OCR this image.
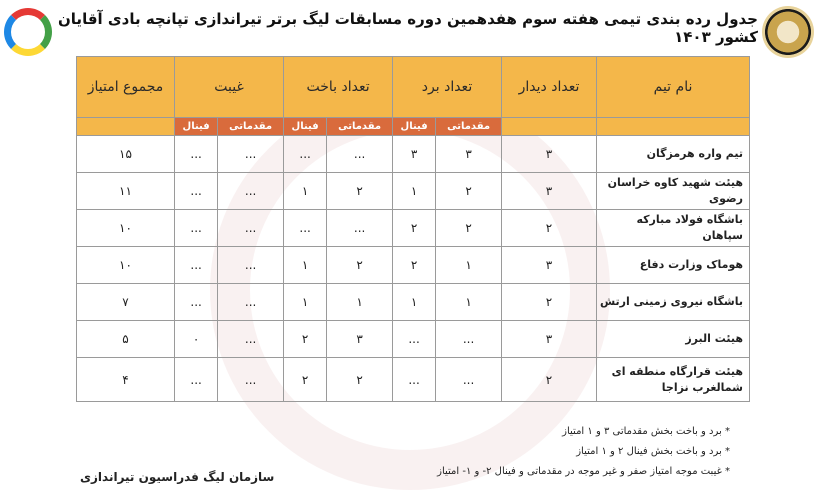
جدول رده بندی تیمی هفته سوم هفدهمین دوره مسابقات لیگ برتر تیراندازی تپانچه بادی آقایان کشور ۱۴۰۳
نام تیم	تعداد دیدار	تعداد برد		تعداد باخت		غیبت		مجموع امتیاز
		مقدماتی	فینال	مقدماتی	فینال	مقدماتی	فینال	
تیم واره هرمزگان	۳	۳	۳	...	...	...	...	۱۵
هیئت شهید کاوه خراسان رضوی	۳	۲	۱	۲	۱	...	...	۱۱
باشگاه فولاد مبارکه سپاهان	۲	۲	۲	...	...	...	...	۱۰
هوماک وزارت دفاع	۳	۱	۲	۲	۱	...	...	۱۰
باشگاه نیروی زمینی ارتش	۲	۱	۱	۱	۱	...	...	۷
هیئت البرز	۳	...	...	۳	۲	...	۰	۵
هیئت قرارگاه منطقه ای شمالغرب نزاجا	۲	...	...	۲	۲	...	...	۴
* برد و باخت بخش مقدماتی ۳ و ۱ امتیاز
* برد و باخت بخش فینال ۲ و ۱ امتیاز
* غیبت موجه امتیاز صفر و غیر موجه در مقدماتی و فینال ۲- و ۱- امتیاز
سازمان لیگ فدراسیون تیراندازی
